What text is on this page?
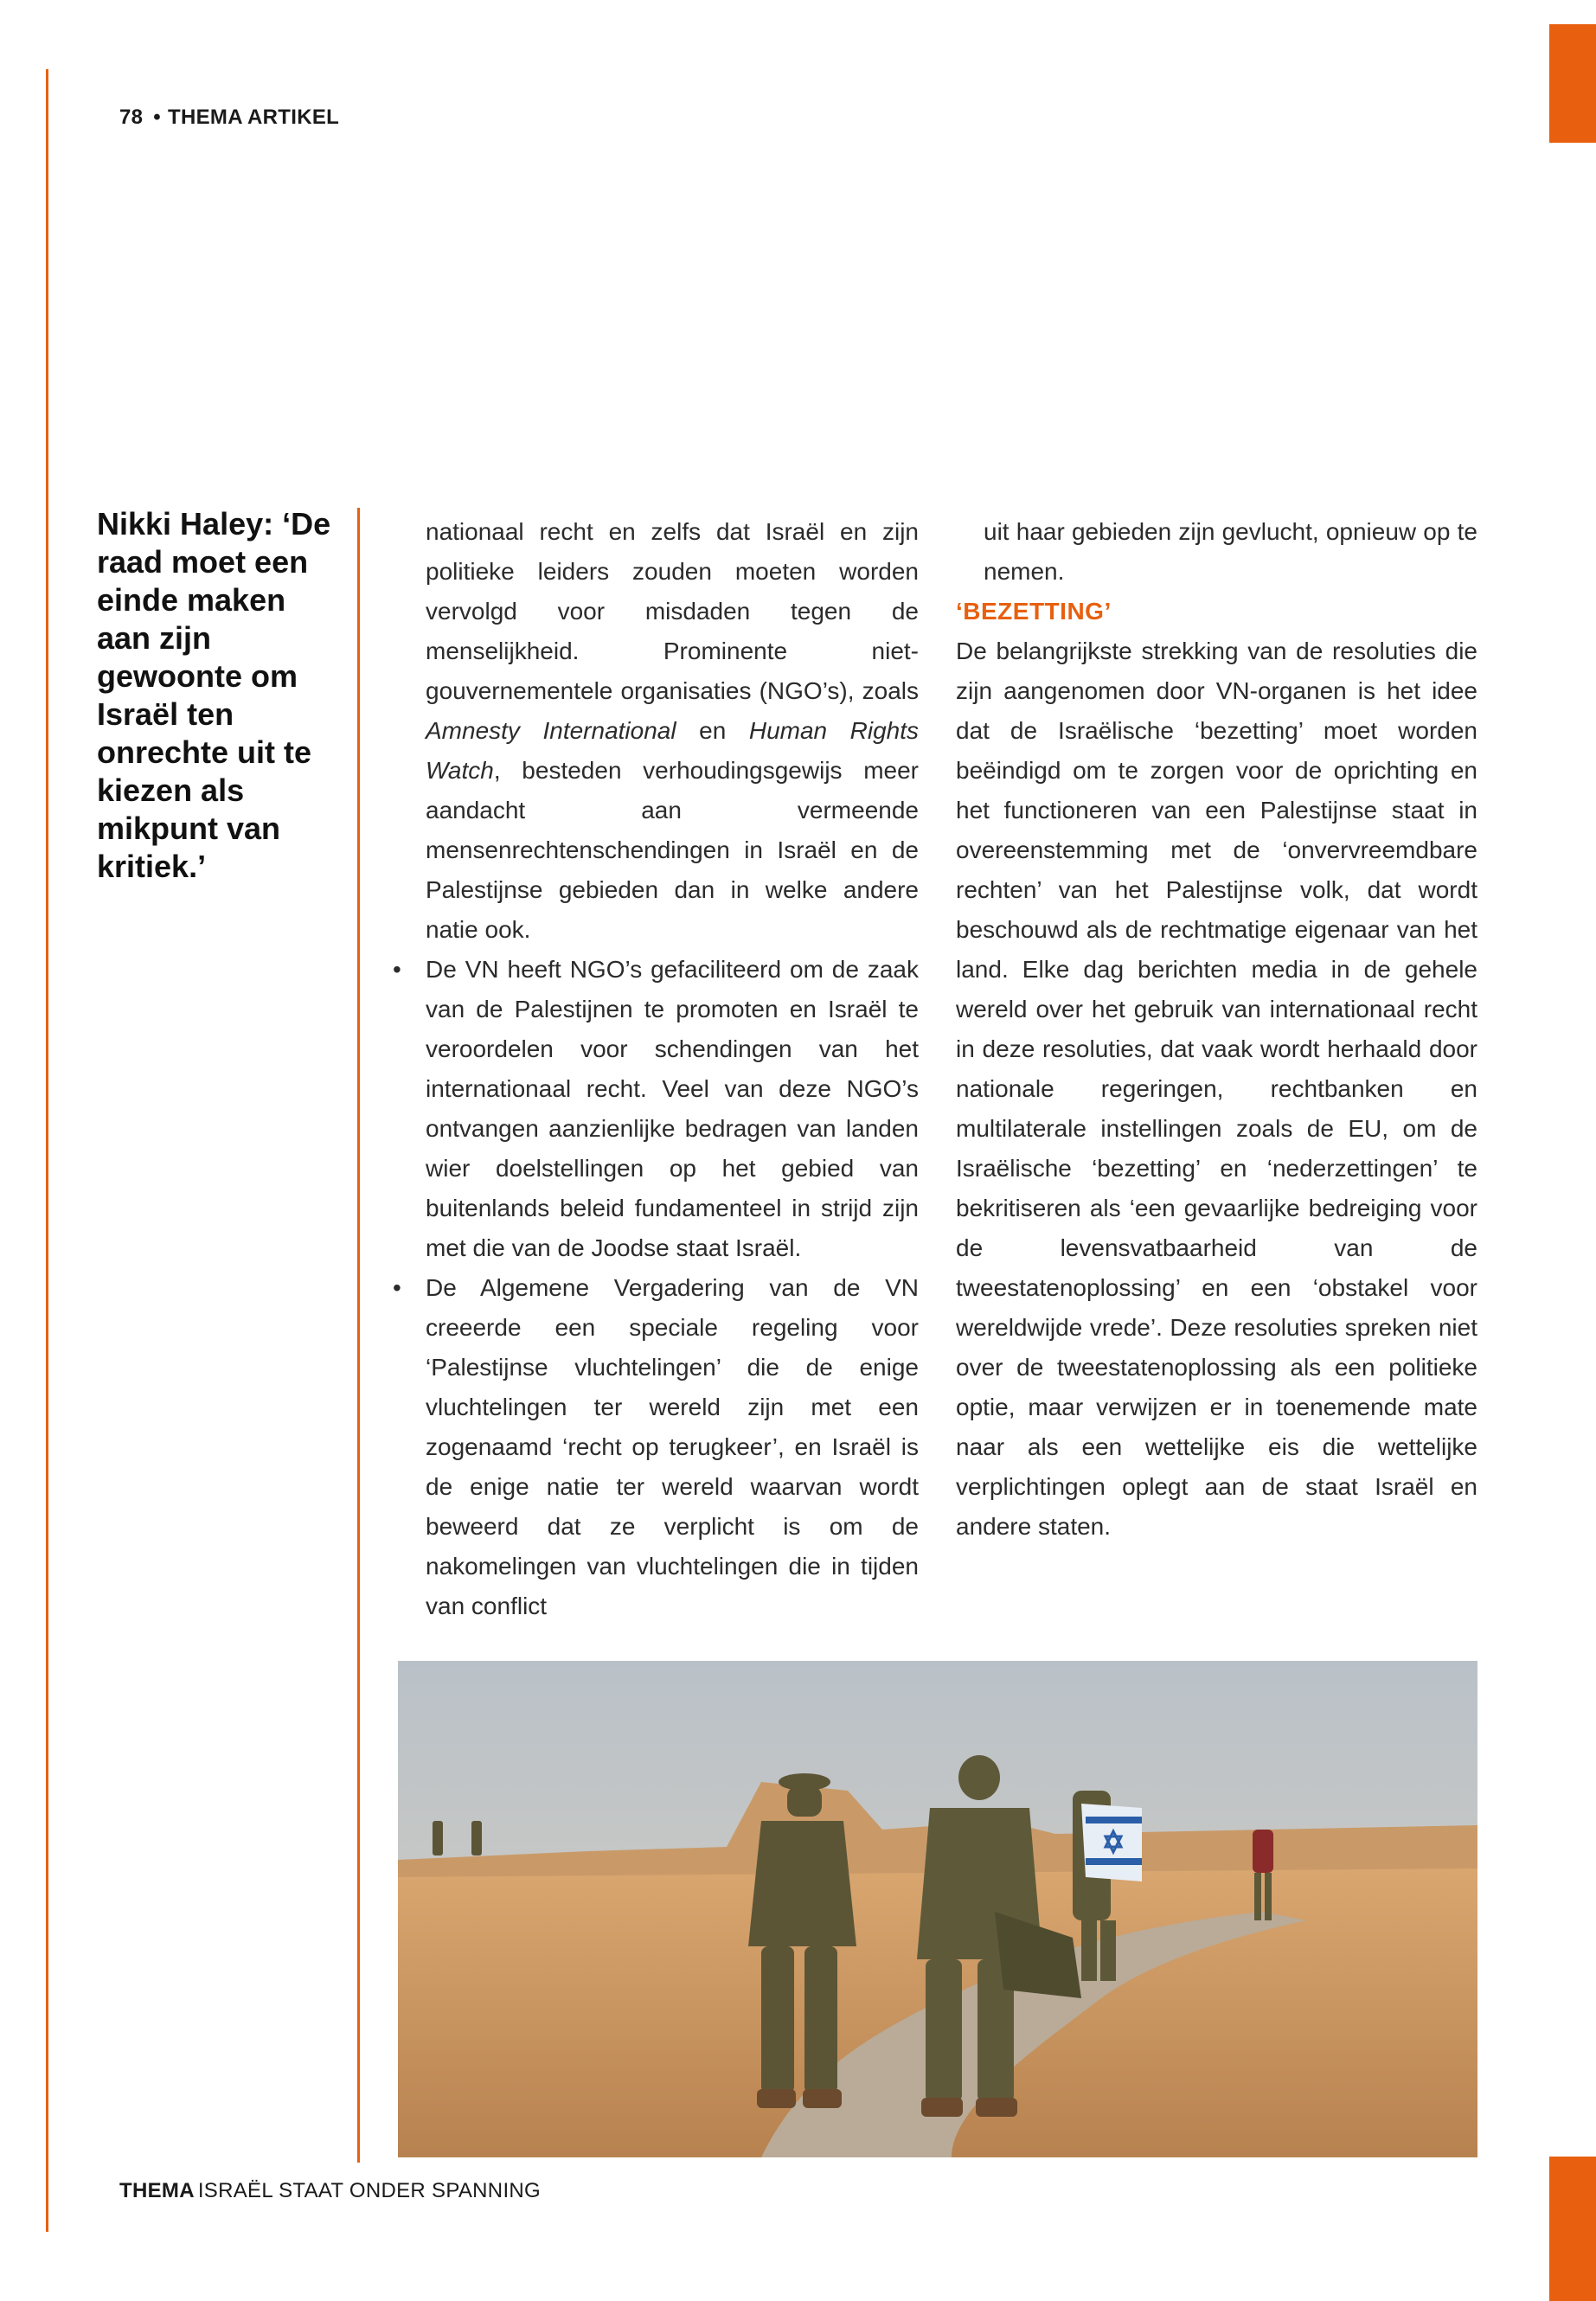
78 • THEMA ARTIKEL
Nikki Haley: ‘De raad moet een einde maken aan zijn gewoonte om Israël ten onrechte uit te kiezen als mikpunt van kritiek.’

nationaal recht en zelfs dat Israël en zijn politieke leiders zouden moeten worden vervolgd voor misdaden tegen de menselijkheid. Prominente niet-gouvernementele organisaties (NGO’s), zoals Amnesty International en Human Rights Watch, besteden verhoudingsgewijs meer aandacht aan vermeende mensenrechtenschendingen in Israël en de Palestijnse gebieden dan in welke andere natie ook.

• De VN heeft NGO’s gefaciliteerd om de zaak van de Palestijnen te promoten en Israël te veroordelen voor schendingen van het internationaal recht. Veel van deze NGO’s ontvangen aanzienlijke bedragen van landen wier doelstellingen op het gebied van buitenlands beleid fundamenteel in strijd zijn met die van de Joodse staat Israël.
• De Algemene Vergadering van de VN creeerde een speciale regeling voor ‘Palestijnse vluchtelingen’ die de enige vluchtelingen ter wereld zijn met een zogenaamd ‘recht op terugkeer’, en Israël is de enige natie ter wereld waarvan wordt beweerd dat ze verplicht is om de nakomelingen van vluchtelingen die in tijden van conflict

uit haar gebieden zijn gevlucht, opnieuw op te nemen.

‘BEZETTING’

De belangrijkste strekking van de resoluties die zijn aangenomen door VN-organen is het idee dat de Israëlische ‘bezetting’ moet worden beëindigd om te zorgen voor de oprichting en het functioneren van een Palestijnse staat in overeenstemming met de ‘onvervreemdbare rechten’ van het Palestijnse volk, dat wordt beschouwd als de rechtmatige eigenaar van het land. Elke dag berichten media in de gehele wereld over het gebruik van internationaal recht in deze resoluties, dat vaak wordt herhaald door nationale regeringen, rechtbanken en multilaterale instellingen zoals de EU, om de Israëlische ‘bezetting’ en ‘nederzettingen’ te bekritiseren als ‘een gevaarlijke bedreiging voor de levensvatbaarheid van de tweestatenoplossing’ en een ‘obstakel voor wereldwijde vrede’. Deze resoluties spreken niet over de tweestatenoplossing als een politieke optie, maar verwijzen er in toenemende mate naar als een wettelijke eis die wettelijke verplichtingen oplegt aan de staat Israël en andere staten.

THEMA ISRAËL STAAT ONDER SPANNING
